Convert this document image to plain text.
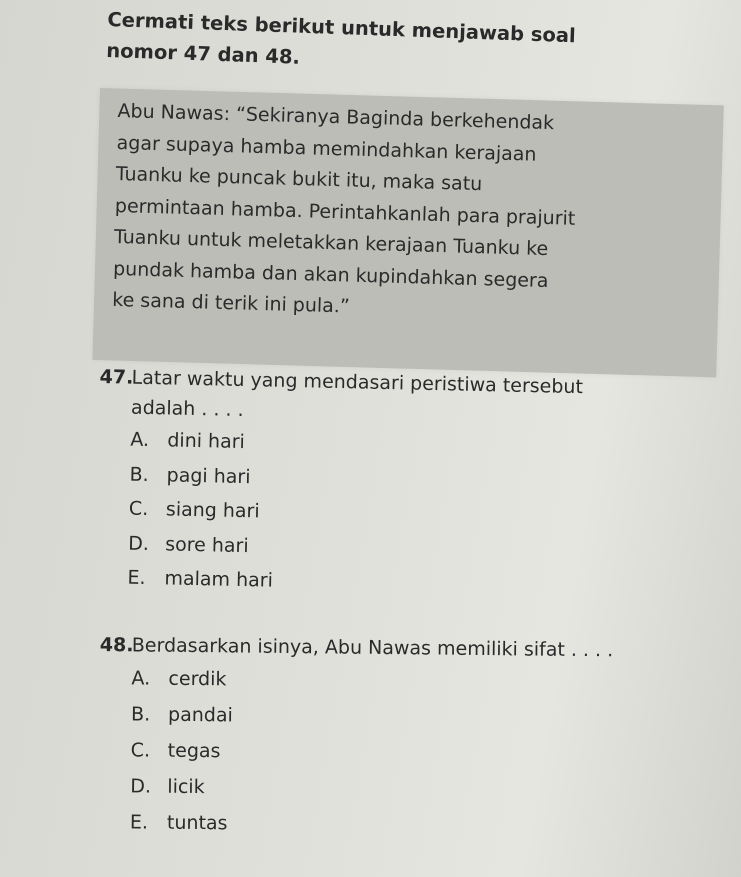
Cermati teks berikut untuk menjawab soal
nomor 47 dan 48.
Abu Nawas: “Sekiranya Baginda berkehendak
agar supaya hamba memindahkan kerajaan
Tuanku ke puncak bukit itu, maka satu
permintaan hamba. Perintahkanlah para prajurit
Tuanku untuk meletakkan kerajaan Tuanku ke
pundak hamba dan akan kupindahkan segera
ke sana di terik ini pula.”
47.
Latar waktu yang mendasari peristiwa tersebut
adalah . . . .
A. dini hari
B. pagi hari
C. siang hari
D. sore hari
E. malam hari
48.
Berdasarkan isinya, Abu Nawas memiliki sifat . . . .
A. cerdik
B. pandai
C. tegas
D. licik
E. tuntas
